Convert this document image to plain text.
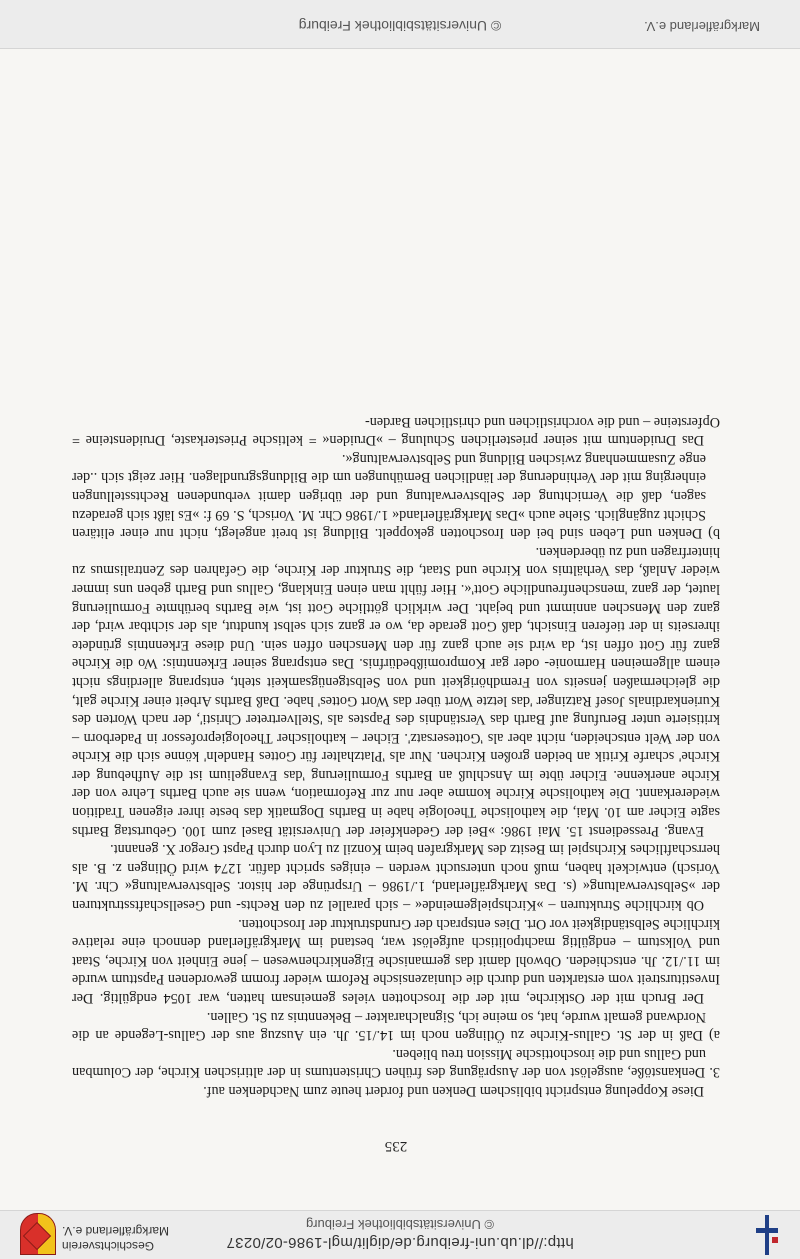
http://dl.ub.uni-freiburg.de/diglit/mgl-1986-02/0237
© Universitätsbibliothek Freiburg
Geschichtsverein
Markgräflerland e.V.
235

Diese Koppelung entspricht biblischem Denken und fordert heute zum Nachdenken auf.

3. Denkanstöße, ausgelöst von der Ausprägung des frühen Christentums in der altirischen Kirche, der Columban und Gallus und die iroschottische Mission treu blieben.

a) Daß in der St. Gallus-Kirche zu Ötlingen noch im 14./15. Jh. ein Auszug aus der Gallus-Legende an die Nordwand gemalt wurde, hat, so meine ich, Signalcharakter – Bekenntnis zu St. Gallen.

Der Bruch mit der Ostkirche, mit der die Iroschotten vieles gemeinsam hatten, war 1054 endgültig. Der Investiturstreit vom erstarkten und durch die cluniazensische Reform wieder fromm gewordenen Papsttum wurde im 11./12. Jh. entschieden. Obwohl damit das germanische Eigenkirchenwesen – jene Einheit von Kirche, Staat und Volkstum – endgültig machtpolitisch aufgelöst war, bestand im Markgräflerland dennoch eine relative kirchliche Selbständigkeit vor Ort. Dies entsprach der Grundstruktur der Iroschotten.

Ob kirchliche Strukturen – »Kirchspielgemeinde« – sich parallel zu den Rechts- und Gesellschaftsstrukturen der »Selbstverwaltung« (s. Das Markgräflerland, 1./1986 – Ursprünge der histor. Selbstverwaltung« Chr. M. Vorisch) entwickelt haben, muß noch untersucht werden – einiges spricht dafür. 1274 wird Ötlingen z. B. als herrschaftliches Kirchspiel im Besitz des Markgrafen beim Konzil zu Lyon durch Papst Gregor X. genannt.

Evang. Pressedienst 15. Mai 1986: »Bei der Gedenkfeier der Universität Basel zum 100. Geburtstag Barths sagte Eicher am 10. Mai, die katholische Theologie habe in Barths Dogmatik das beste ihrer eigenen Tradition wiedererkannt. Die katholische Kirche komme aber nur zur Reformation, wenn sie auch Barths Lehre von der Kirche anerkenne. Eicher übte im Anschluß an Barths Formulierung 'das Evangelium ist die Aufhebung der Kirche' scharfe Kritik an beiden großen Kirchen. Nur als 'Platzhalter für Gottes Handeln' könne sich die Kirche von der Welt entscheiden, nicht aber als 'Gottesersatz'. Eicher – katholischer Theologieprofessor in Paderborn – kritisierte unter Berufung auf Barth das Verständnis des Papstes als 'Stellvertreter Christi', der nach Worten des Kurienkardinals Josef Ratzinger 'das letzte Wort über das Wort Gottes' habe. Daß Barths Arbeit einer Kirche galt, die gleichermaßen jenseits von Fremdhörigkeit und von Selbstgenügsamkeit steht, entsprang allerdings nicht einem allgemeinen Harmonie- oder gar Kompromißbedürfnis. Das entsprang seiner Erkenntnis: Wo die Kirche ganz für Gott offen ist, da wird sie auch ganz für den Menschen offen sein. Und diese Erkenntnis gründete ihrerseits in der tieferen Einsicht, daß Gott gerade da, wo er ganz sich selbst kundtut, als der sichtbar wird, der ganz den Menschen annimmt und bejaht. Der wirklich göttliche Gott ist, wie Barths berühmte Formulierung lautet, der ganz 'menschenfreundliche Gott'«. Hier fühlt man einen Einklang, Gallus und Barth geben uns immer wieder Anlaß, das Verhältnis von Kirche und Staat, die Struktur der Kirche, die Gefahren des Zentralismus zu hinterfragen und zu überdenken.

b) Denken und Leben sind bei den Iroschotten gekoppelt. Bildung ist breit angelegt, nicht nur einer elitären Schicht zugänglich. Siehe auch »Das Markgräflerland« 1./1986 Chr. M. Vorisch, S. 69 f: »Es läßt sich geradezu sagen, daß die Vernichtung der Selbstverwaltung und der übrigen damit verbundenen Rechtsstellungen einherging mit der Verhinderung der ländlichen Bemühungen um die Bildungsgrundlagen. Hier zeigt sich ..der enge Zusammenhang zwischen Bildung und Selbstverwaltung«.

Das Druidentum mit seiner priesterlichen Schulung – »Druiden« = keltische Priesterkaste, Druidensteine = Opfersteine – und die vorchristlichen und christlichen Barden-

© Universitätsbibliothek Freiburg	Markgräflerland e.V.
